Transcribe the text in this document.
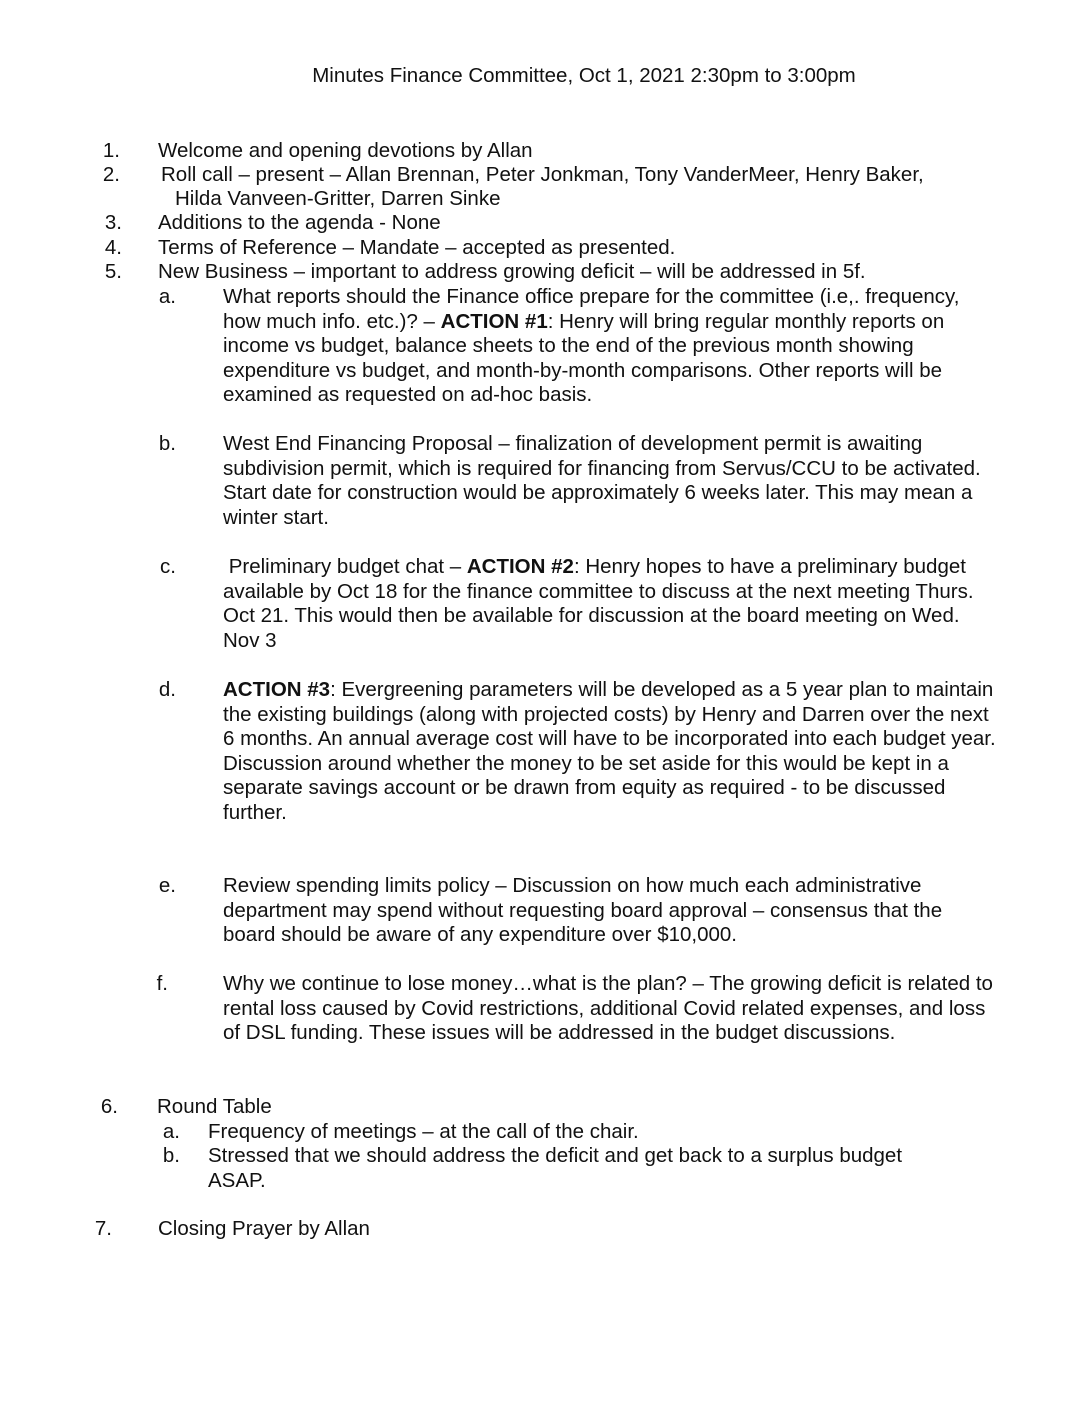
Minutes Finance Committee, Oct 1, 2021 2:30pm to 3:00pm
1. Welcome and opening devotions by Allan
2. Roll call – present – Allan Brennan, Peter Jonkman, Tony VanderMeer, Henry Baker,
Hilda Vanveen-Gritter, Darren Sinke
3. Additions to the agenda - None
4. Terms of Reference – Mandate – accepted as presented.
5. New Business – important to address growing deficit – will be addressed in 5f.
a. What reports should the Finance office prepare for the committee (i.e,. frequency, how much info. etc.)? – ACTION #1: Henry will bring regular monthly reports on income vs budget, balance sheets to the end of the previous month showing expenditure vs budget, and month-by-month comparisons. Other reports will be examined as requested on ad-hoc basis.
b. West End Financing Proposal – finalization of development permit is awaiting subdivision permit, which is required for financing from Servus/CCU to be activated. Start date for construction would be approximately 6 weeks later. This may mean a winter start.
c. Preliminary budget chat – ACTION #2: Henry hopes to have a preliminary budget available by Oct 18 for the finance committee to discuss at the next meeting Thurs. Oct 21. This would then be available for discussion at the board meeting on Wed. Nov 3
d. ACTION #3: Evergreening parameters will be developed as a 5 year plan to maintain the existing buildings (along with projected costs) by Henry and Darren over the next 6 months. An annual average cost will have to be incorporated into each budget year.
Discussion around whether the money to be set aside for this would be kept in a separate savings account or be drawn from equity as required - to be discussed further.
e. Review spending limits policy – Discussion on how much each administrative department may spend without requesting board approval – consensus that the board should be aware of any expenditure over $10,000.
f.	Why we continue to lose money…what is the plan? – The growing deficit is related to rental loss caused by Covid restrictions, additional Covid related expenses, and loss of DSL funding. These issues will be addressed in the budget discussions.
6. Round Table
a. Frequency of meetings – at the call of the chair.
b. Stressed that we should address the deficit and get back to a surplus budget ASAP.
7. Closing Prayer by Allan
